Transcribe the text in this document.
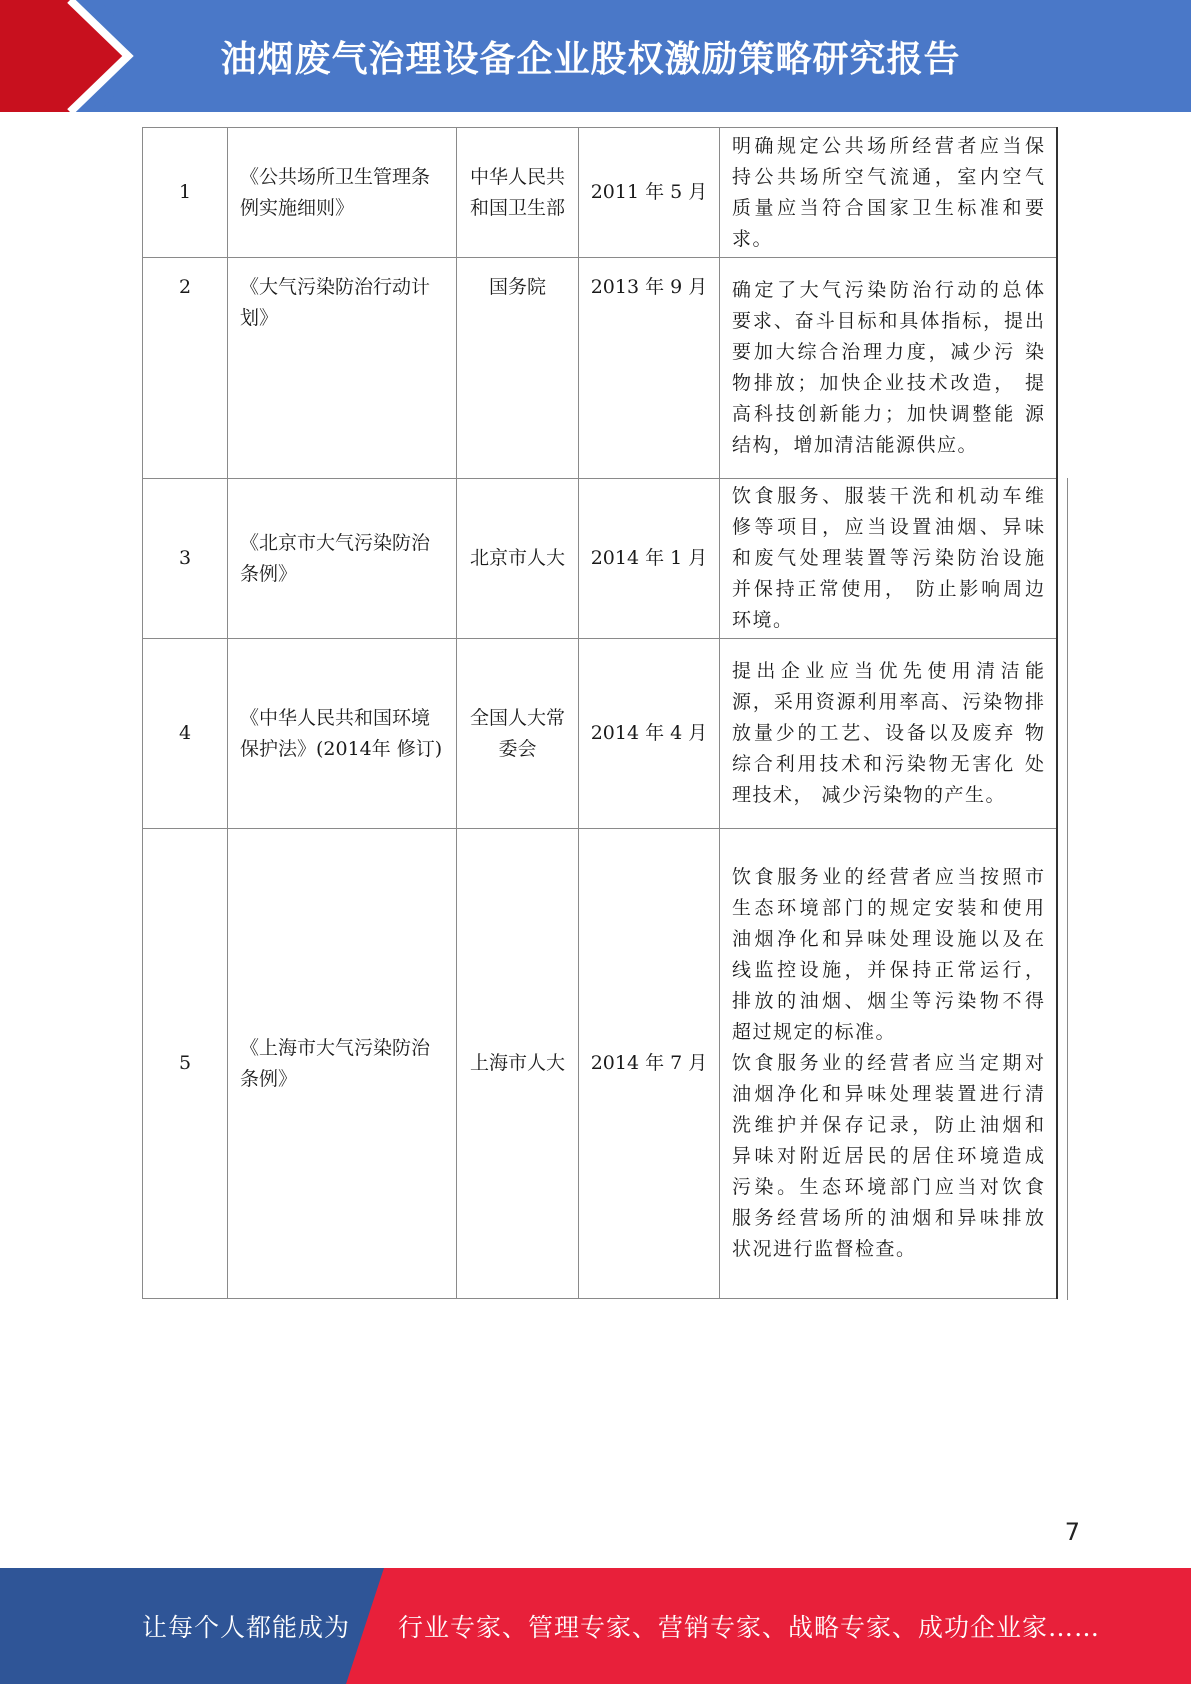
油烟废气治理设备企业股权激励策略研究报告
1	《公共场所卫生管理条例实施细则》	中华人民共和国卫生部	2011 年 5 月	明确规定公共场所经营者应当保 持公共场所空气流通，室内空气 质量应当符合国家卫生标准和要 求。

2	《大气污染防治行动计划》	国务院	2013 年 9 月	确定了大气污染防治行动的总体 要求、奋斗目标和具体指标，提出要加大综合治理力度，减少污 染物排放；加快企业技术改造， 提高科技创新能力；加快调整能 源结构，增加清洁能源供应。

3	《北京市大气污染防治条例》	北京市人大	2014 年 1 月	饮食服务、服装干洗和机动车维 修等项目，应当设置油烟、异味 和废气处理装置等污染防治设施 并保持正常使用， 防止影响周边 环境。

4	《中华人民共和国环境保护法》(2014年 修订)	全国人大常委会	2014 年 4 月	提出企业应当优先使用清洁能 源，采用资源利用率高、污染物排放量少的工艺、设备以及废弃 物综合利用技术和污染物无害化 处理技术， 减少污染物的产生。

5	《上海市大气污染防治条例》	上海市人大	2014 年 7 月	饮食服务业的经营者应当按照市 生态环境部门的规定安装和使用 油烟净化和异味处理设施以及在 线监控设施，并保持正常运行， 排放的油烟、烟尘等污染物不得 超过规定的标准。

饮食服务业的经营者应当定期对 油烟净化和异味处理装置进行清 洗维护并保存记录，防止油烟和 异味对附近居民的居住环境造成 污染。生态环境部门应当对饮食 服务经营场所的油烟和异味排放 状况进行监督检查。

7
让每个人都能成为 行业专家、管理专家、营销专家、战略专家、成功企业家……
